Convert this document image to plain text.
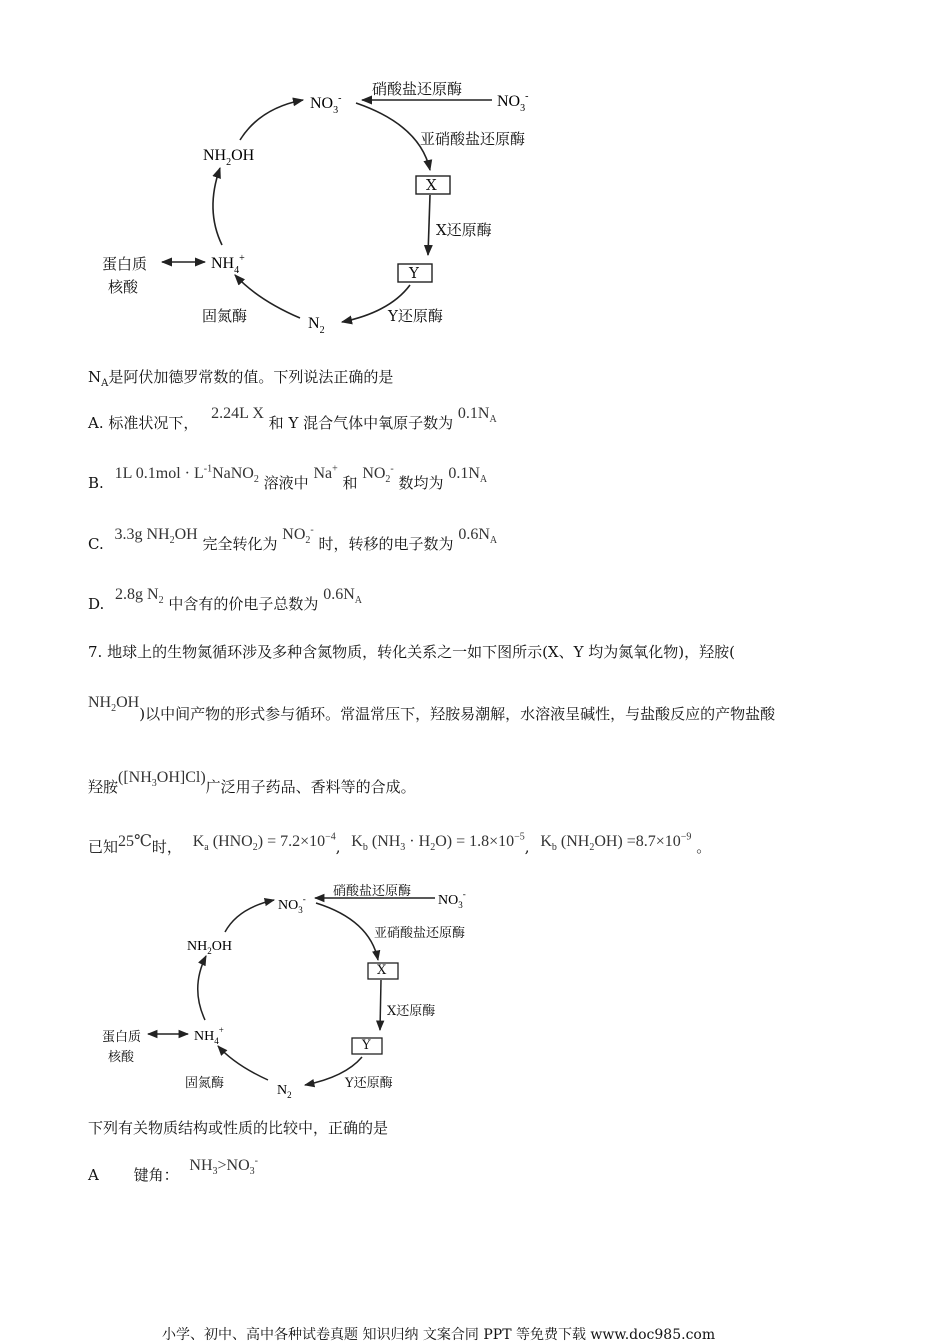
$NO_3^-$	$NO_3^-$
$NH_2OH$
$NH_4^+$
$N_2$
硝酸盐还原酶
亚硝酸盐还原酶
X
X还原酶
Y
Y还原酶
固氮酶
蛋白质
核酸
$N_A$是阿伏加德罗常数的值。下列说法正确的是
A. 标准状况下， 2.24L X 和 Y 混合气体中氧原子数为 $0.1N_A$
B. 1L $0.1mol \cdot L^{-1}NaNO_2$ 溶液中 Na+ 和 $NO_2^-$ 数均为 $0.1N_A$
C. 3.3g $NH_2OH$ 完全转化为 $NO_2^-$ 时，转移的电子数为 $0.6N_A$
D. 2.8g $N_2$ 中含有的价电子总数为 $0.6N_A$
7. 地球上的生物氮循环涉及多种含氮物质，转化关系之一如下图所示(X、Y 均为氮氧化物)，羟胺(
$NH_2OH$)以中间产物的形式参与循环。常温常压下，羟胺易潮解，水溶液呈碱性，与盐酸反应的产物盐酸
羟胺$([NH_3OH]Cl)$广泛用子药品、香料等的合成。
已知25℃时， $K_a$ $(HNO_2) = 7.2\times 10^{-4}$, $K_b$ $(NH_3 \cdot H_2O) = 1.8\times 10^{-5}$, $K_b$ $(NH_2OH) =8.7\times 10^{-9}$ 。
$NO_3^-$	$NO_3^-$
$NH_2OH$
$NH_4^+$
$N_2$
硝酸盐还原酶
亚硝酸盐还原酶
X
X还原酶
Y
Y还原酶
固氮酶
蛋白质
核酸
下列有关物质结构或性质的比较中，正确的是
A 键角： $NH_3>NO_3^-$
小学、初中、高中各种试卷真题 知识归纳 文案合同 PPT 等免费下载 www.doc985.com
